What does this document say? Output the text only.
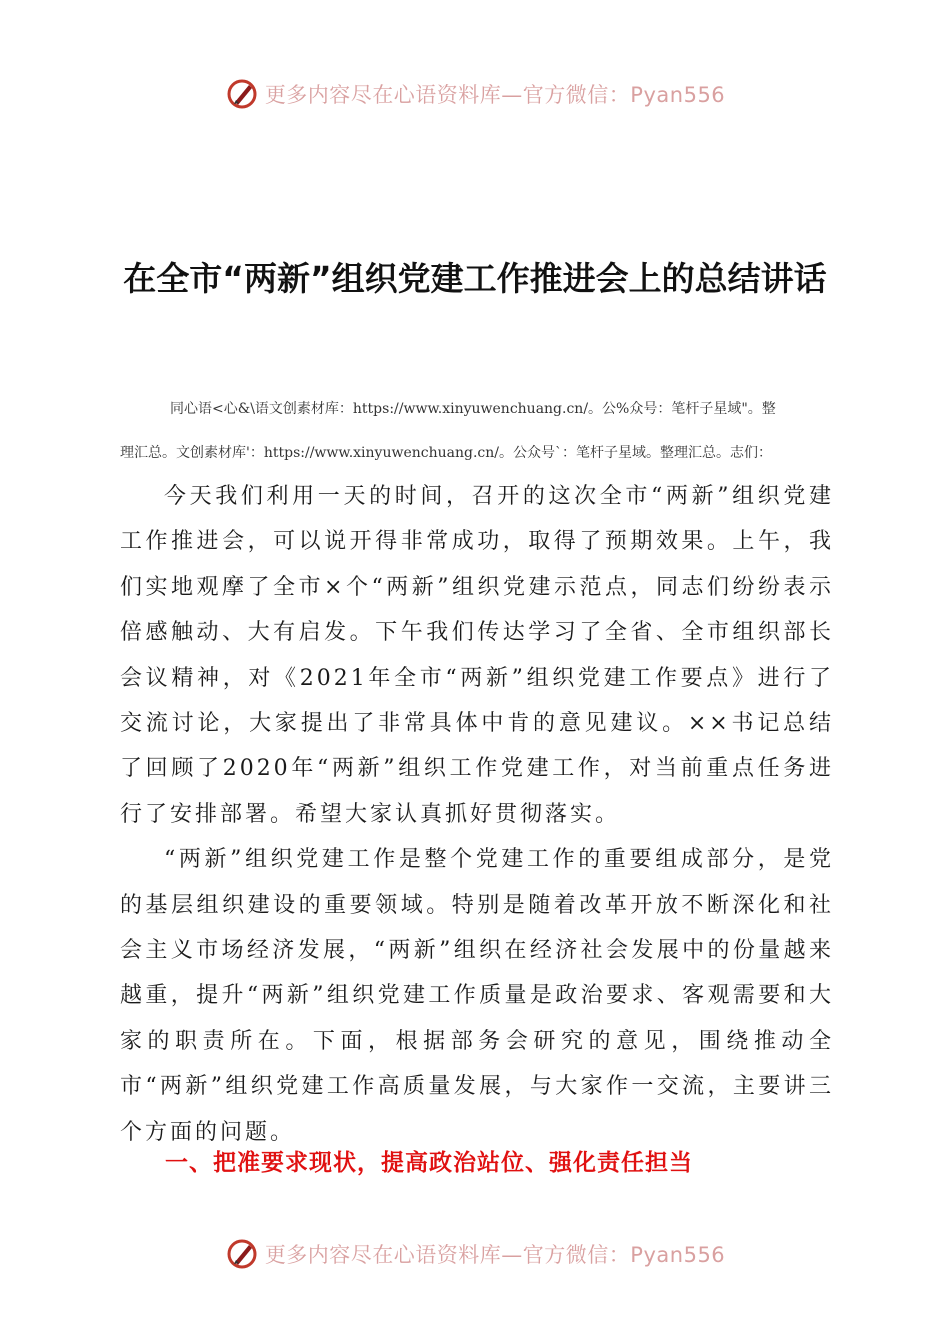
更多内容尽在心语资料库—官方微信：Pyan556
在全市“两新”组织党建工作推进会上的总结讲话
同心语<心&\语文创素材库：https://www.xinyuwenchuang.cn/。公%众号：笔杆子星域"。整
理汇总。文创素材库'：https://www.xinyuwenchuang.cn/。公众号`：笔杆子星域。整理汇总。志们：

今天我们利用一天的时间，召开的这次全市“两新”组织党建工作推进会，可以说开得非常成功，取得了预期效果。上午，我们实地观摩了全市×个“两新”组织党建示范点，同志们纷纷表示倍感触动、大有启发。下午我们传达学习了全省、全市组织部长会议精神，对《2021年全市“两新”组织党建工作要点》进行了交流讨论，大家提出了非常具体中肯的意见建议。××书记总结了回顾了2020年“两新”组织工作党建工作，对当前重点任务进行了安排部署。希望大家认真抓好贯彻落实。

“两新”组织党建工作是整个党建工作的重要组成部分，是党的基层组织建设的重要领域。特别是随着改革开放不断深化和社会主义市场经济发展，“两新”组织在经济社会发展中的份量越来越重，提升“两新”组织党建工作质量是政治要求、客观需要和大家的职责所在。下面，根据部务会研究的意见，围绕推动全市“两新”组织党建工作高质量发展，与大家作一交流，主要讲三个方面的问题。

一、把准要求现状，提高政治站位、强化责任担当
更多内容尽在心语资料库—官方微信：Pyan556
